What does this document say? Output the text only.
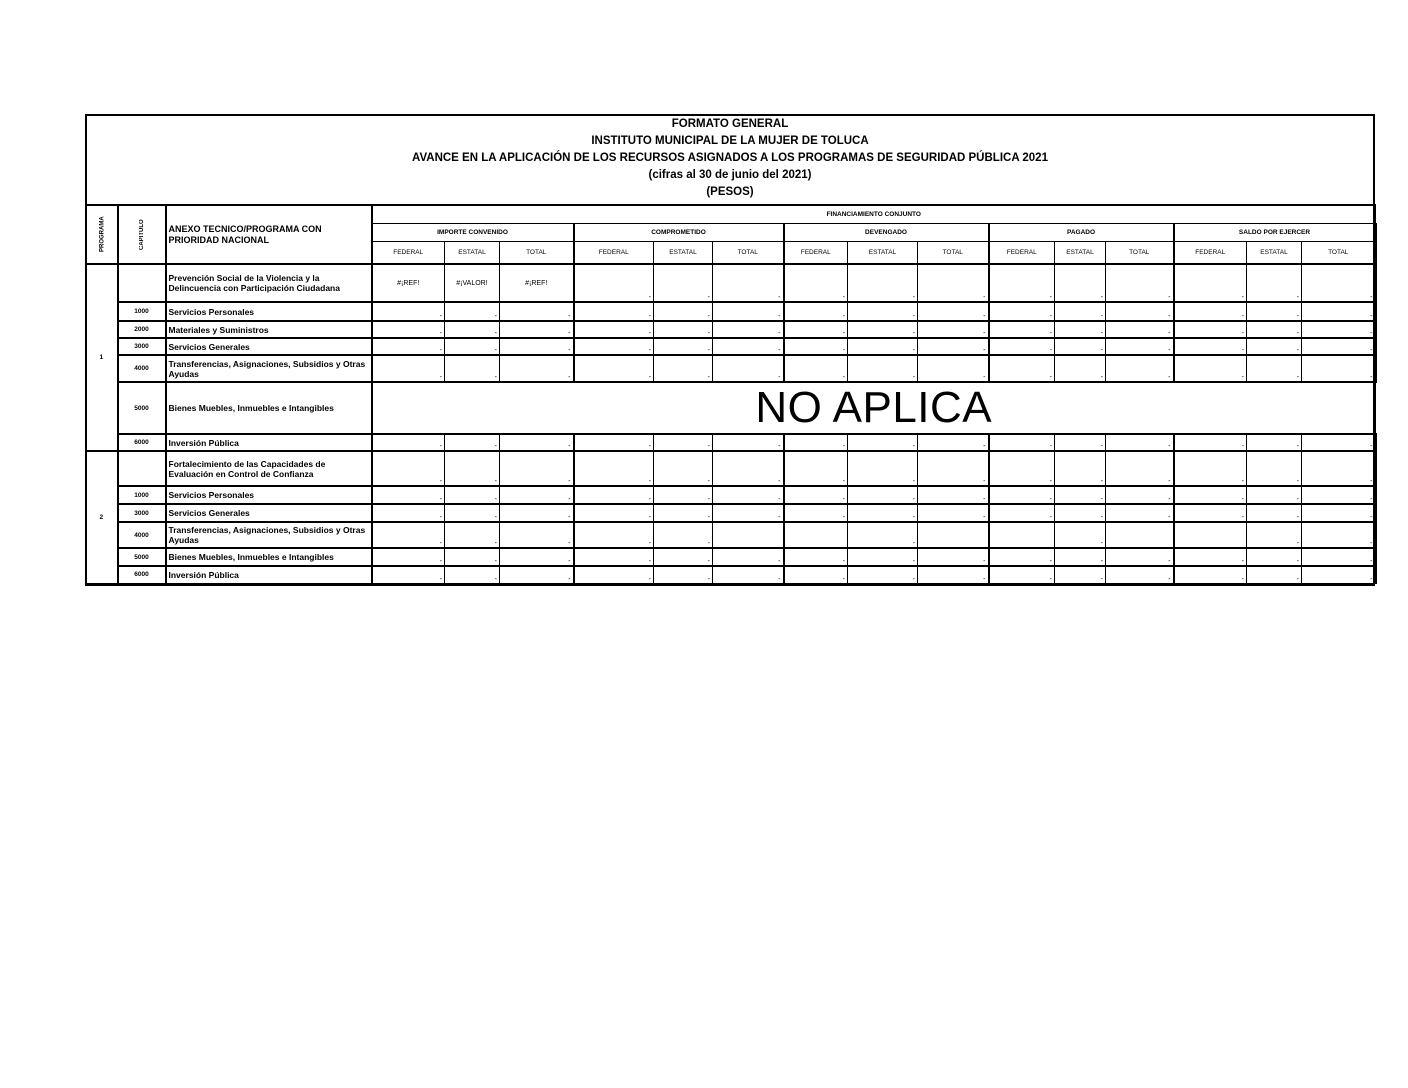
FORMATO GENERAL
INSTITUTO MUNICIPAL DE LA MUJER DE TOLUCA
AVANCE EN LA APLICACIÓN DE LOS RECURSOS ASIGNADOS A LOS PROGRAMAS DE SEGURIDAD PÚBLICA 2021
(cifras al 30 de junio del 2021)
(PESOS)
PROGRAMA	CAPITULO	ANEXO TECNICO/PROGRAMA CON PRIORIDAD NACIONAL	FINANCIAMIENTO CONJUNTO														
			IMPORTE CONVENIDO			COMPROMETIDO			DEVENGADO			PAGADO			SALDO POR EJERCER		
			FEDERAL	ESTATAL	TOTAL	FEDERAL	ESTATAL	TOTAL	FEDERAL	ESTATAL	TOTAL	FEDERAL	ESTATAL	TOTAL	FEDERAL	ESTATAL	TOTAL
1		Prevención Social de la Violencia y la Delincuencia con Participación Ciudadana	#¡REF!	#¡VALOR!	#¡REF!	-	-	-	-	-	-	-	-	-	-	-	-
	1000	Servicios Personales	-	-	-	-	-	-	-	-	-	-	-	-	-	-	-
	2000	Materiales y Suministros	-	-	-	-	-	-	-	-	-	-	-	-	-	-	-
	3000	Servicios Generales	-	-	-	-	-	-	-	-	-	-	-	-	-	-	-
	4000	Transferencias, Asignaciones, Subsidios y Otras Ayudas	-	-	-	-	-	-	-	-	-	-	-	-	-	-	-
	5000	Bienes Muebles, Inmuebles e Intangibles	NO APLICA														
	6000	Inversión Pública	-	-	-	-	-	-	-	-	-	-	-	-	-	-	-
2		Fortalecimiento de las Capacidades de Evaluación en Control de Confianza	-	-	-	-	-	-	-	-	-	-	-	-	-	-	-
	1000	Servicios Personales	-	-	-	-	-	-	-	-	-	-	-	-	-	-	-
	3000	Servicios Generales	-	-	-	-	-	-	-	-	-	-	-	-	-	-	-
	4000	Transferencias, Asignaciones, Subsidios y Otras Ayudas	-	-	-	-	-			-			-			-	-
	5000	Bienes Muebles, Inmuebles e Intangibles	-	-	-	-	-	-	-	-	-	-	-	-	-	-	-
	6000	Inversión Pública	-	-	-	-	-	-	-	-	-	-	-	-	-	-	-
